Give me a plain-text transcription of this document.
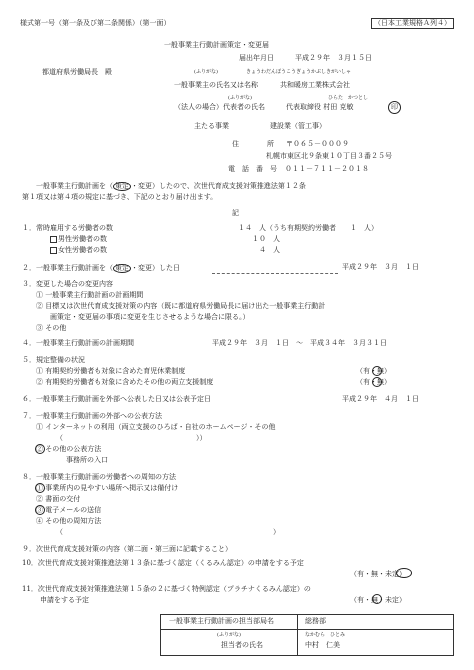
様式第一号（第一条及び第二条関係）（第一面）	（日本工業規格Ａ列４）
一般事業主行動計画策定・変更届
届出年月日　　　平成２９年　３月１５日
都道府県労働局長　殿	(ふりがな)	きょうわだんぼうこうぎょうかぶしきがいしゃ
一般事業主の氏名又は名称	共和暖房工業株式会社
(ふりがな)	ひらた　かつとし
（法人の場合）代表者の氏名	代表取締役 村田 克敏	印
主たる事業	建設業（管工事）
住　　　　所 〒０６５－０００９
札幌市東区北９条東１０丁目３番２５号
電　話　番　号 ０１１－７１１－２０１８
一般事業主行動計画を（ 策定 ・変更）したので、次世代育成支援対策推進法第１２条
第１項又は第４項の規定に基づき、下記のとおり届け出ます。
記
１．常時雇用する労働者の数	１４　人（うち有期契約労働者　　１　人）
男性労働者の数	１０　人
女性労働者の数	４　人
２．一般事業主行動計画を（ 策定 ・変更）した日	平成２９年　３月　１日
３．変更した場合の変更内容
① 一般事業主行動計画の計画期間
② 目標又は次世代育成支援対策の内容（既に都道府県労働局長に届け出た一般事業主行動計
画策定・変更届の事項に変更を生じさせるような場合に限る。）
③ その他
４．一般事業主行動計画の計画期間	平成２９年　３月　１日　～　平成３４年　３月３１日
５．規定整備の状況
① 有期契約労働者も対象に含めた育児休業制度	（有・無）
② 有期契約労働者も対象に含めたその他の両立支援制度	（有・無）
６．一般事業主行動計画を外部へ公表した日又は公表予定日	平成２９年　４月　１日
７．一般事業主行動計画の外部への公表方法
① インターネットの利用（両立支援のひろば・自社のホームページ・その他
（　　　　　　　　　　　　　　　　　　　））
② その他の公表方法
事務所の入口
８．一般事業主行動計画の労働者への周知の方法
① 事業所内の見やすい場所へ掲示又は備付け
② 書面の交付
③ 電子メールの送信
④ その他の周知方法
（　　　　　　　　　　　　　　　　　　　　　　　　　　　　　　）
９．次世代育成支援対策の内容（第二面・第三面に記載すること）
10．次世代育成支援対策推進法第１３条に基づく認定（くるみん認定）の申請をする予定
（有・無・未定）
11．次世代育成支援対策推進法第１５条の２に基づく特例認定（プラチナくるみん認定）の
申請をする予定	（有・無・未定）
一般事業主行動計画の担当部局名	総務部
(ふりがな)	なかむら　ひとみ
担当者の氏名	中村　仁美
